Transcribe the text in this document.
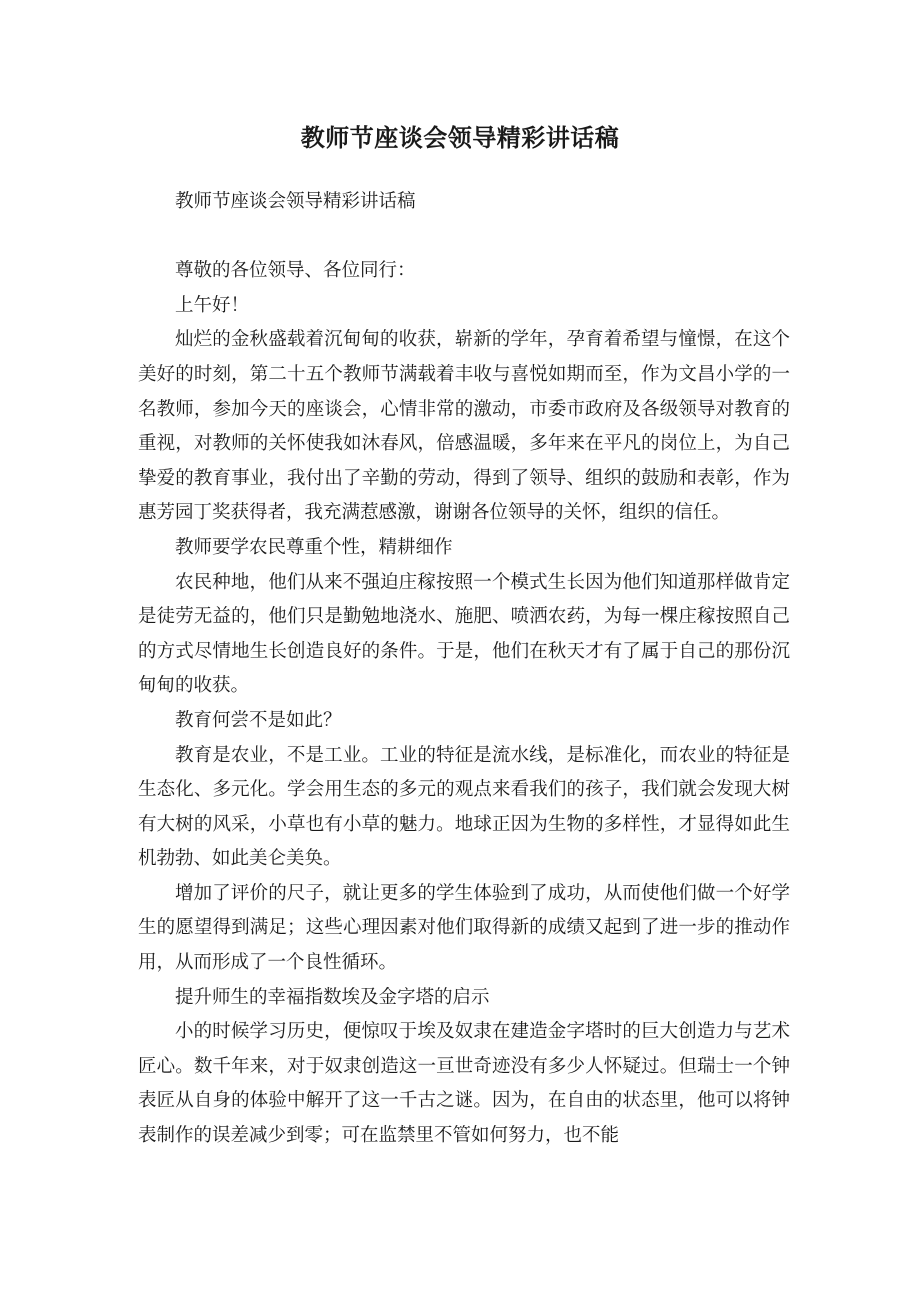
教师节座谈会领导精彩讲话稿

教师节座谈会领导精彩讲话稿

尊敬的各位领导、各位同行：

上午好！

灿烂的金秋盛载着沉甸甸的收获，崭新的学年，孕育着希望与憧憬，在这个美好的时刻，第二十五个教师节满载着丰收与喜悦如期而至，作为文昌小学的一名教师，参加今天的座谈会，心情非常的激动，市委市政府及各级领导对教育的重视，对教师的关怀使我如沐春风，倍感温暖，多年来在平凡的岗位上，为自己挚爱的教育事业，我付出了辛勤的劳动，得到了领导、组织的鼓励和表彰，作为惠芳园丁奖获得者，我充满惹感激，谢谢各位领导的关怀，组织的信任。

教师要学农民尊重个性，精耕细作

农民种地，他们从来不强迫庄稼按照一个模式生长因为他们知道那样做肯定是徒劳无益的，他们只是勤勉地浇水、施肥、喷洒农药，为每一棵庄稼按照自己的方式尽情地生长创造良好的条件。于是，他们在秋天才有了属于自己的那份沉甸甸的收获。

教育何尝不是如此？

教育是农业，不是工业。工业的特征是流水线，是标准化，而农业的特征是生态化、多元化。学会用生态的多元的观点来看我们的孩子，我们就会发现大树有大树的风采，小草也有小草的魅力。地球正因为生物的多样性，才显得如此生机勃勃、如此美仑美奂。

增加了评价的尺子，就让更多的学生体验到了成功，从而使他们做一个好学生的愿望得到满足；这些心理因素对他们取得新的成绩又起到了进一步的推动作用，从而形成了一个良性循环。

提升师生的幸福指数埃及金字塔的启示

小的时候学习历史，便惊叹于埃及奴隶在建造金字塔时的巨大创造力与艺术匠心。数千年来，对于奴隶创造这一亘世奇迹没有多少人怀疑过。但瑞士一个钟表匠从自身的体验中解开了这一千古之谜。因为，在自由的状态里，他可以将钟表制作的误差减少到零；可在监禁里不管如何努力，也不能
